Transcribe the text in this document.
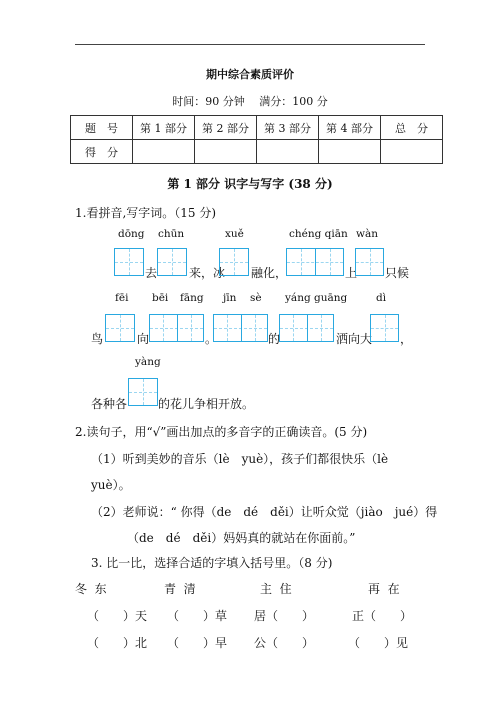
期中综合素质评价
时间：90 分钟　 满分：100 分
题　号	第 1 部分	第 2 部分	第 3 部分	第 4 部分	总　分
得　分					
第 1 部分 识字与写字 (38 分)
1.看拼音,写字词。（15 分)
dōng chūn	xuě	chéng qiān wàn
去	来，冰 融化，	上 只候
fēi bēi fāng jīn sè yáng guāng	dì
鸟	向	。	的	洒向大 ，
yàng
各种各	的花儿争相开放。
2.读句子，用“√”画出加点的多音字的正确读音。(5 分)
（1）听到美妙的音乐（lè　yuè），孩子们都很快乐（lè
yuè）。
（2）老师说：“ 你得（de　dé　děi）让听众觉（jiào　jué）得
（de　dé　děi）妈妈真的就站在你面前。”
3. 比一比，选择合适的字填入括号里。（8 分)
冬  东	青  清	主  住	再  在
（　　）天 （　　）草 居（　　）	正（　　）
（　　）北 （　　）早 公（　　）	（　　）见
